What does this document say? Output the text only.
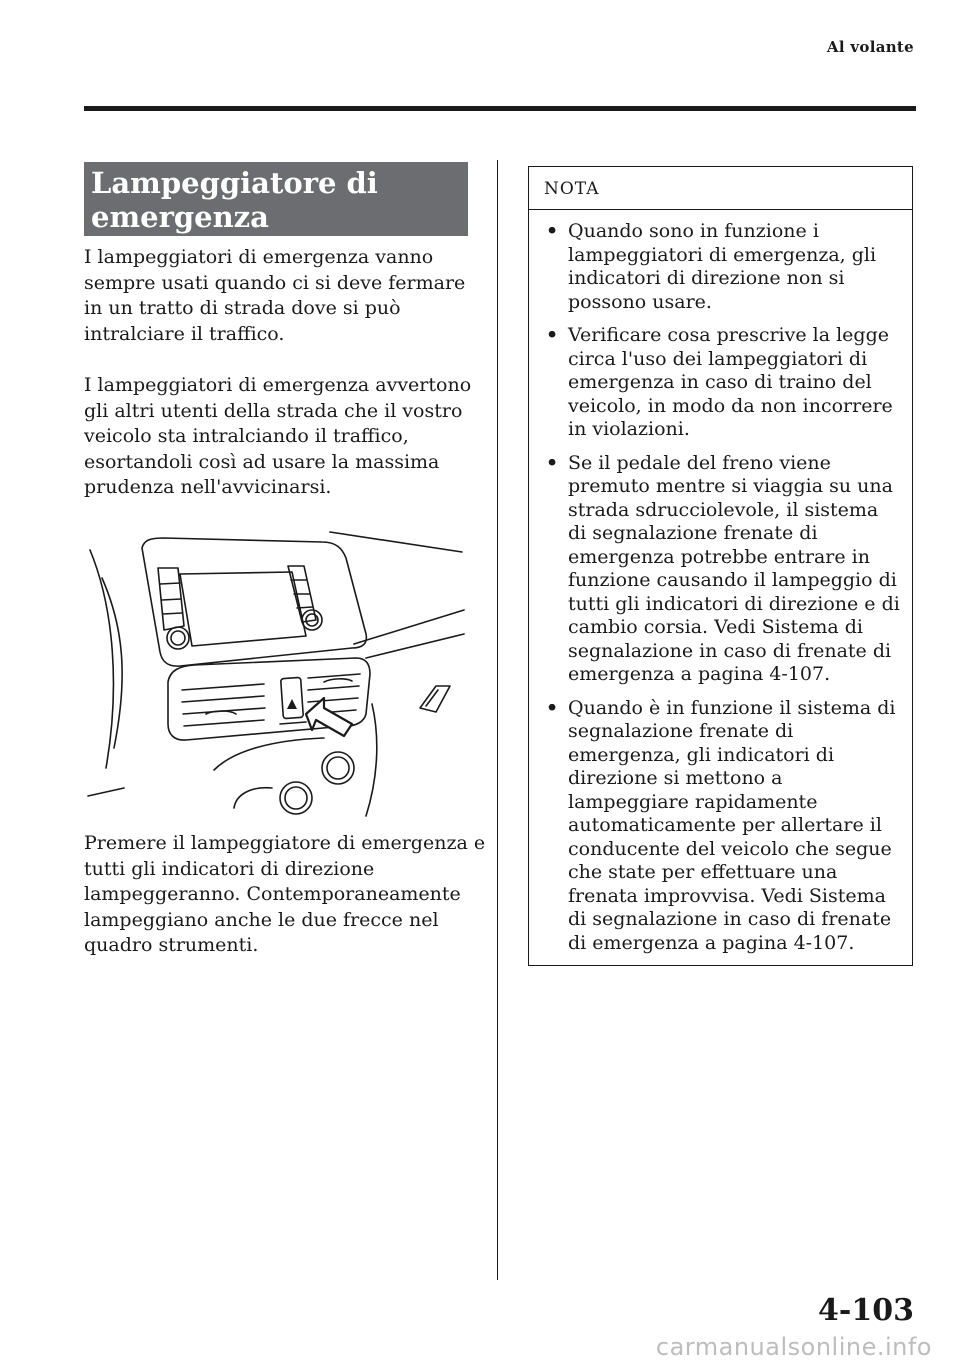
Al volante
Lampeggiatore di emergenza

I lampeggiatori di emergenza vanno sempre usati quando ci si deve fermare in un tratto di strada dove si può intralciare il traffico.

I lampeggiatori di emergenza avvertono gli altri utenti della strada che il vostro veicolo sta intralciando il traffico, esortandoli così ad usare la massima prudenza nell'avvicinarsi.

Premere il lampeggiatore di emergenza e tutti gli indicatori di direzione lampeggeranno. Contemporaneamente lampeggiano anche le due frecce nel quadro strumenti.

NOTA
• Quando sono in funzione i lampeggiatori di emergenza, gli indicatori di direzione non si possono usare.
• Verificare cosa prescrive la legge circa l'uso dei lampeggiatori di emergenza in caso di traino del veicolo, in modo da non incorrere in violazioni.
• Se il pedale del freno viene premuto mentre si viaggia su una strada sdrucciolevole, il sistema di segnalazione frenate di emergenza potrebbe entrare in funzione causando il lampeggio di tutti gli indicatori di direzione e di cambio corsia. Vedi Sistema di segnalazione in caso di frenate di emergenza a pagina 4-107.
• Quando è in funzione il sistema di segnalazione frenate di emergenza, gli indicatori di direzione si mettono a lampeggiare rapidamente automaticamente per allertare il conducente del veicolo che segue che state per effettuare una frenata improvvisa. Vedi Sistema di segnalazione in caso di frenate di emergenza a pagina 4-107.
4-103
carmanualsonline.info
